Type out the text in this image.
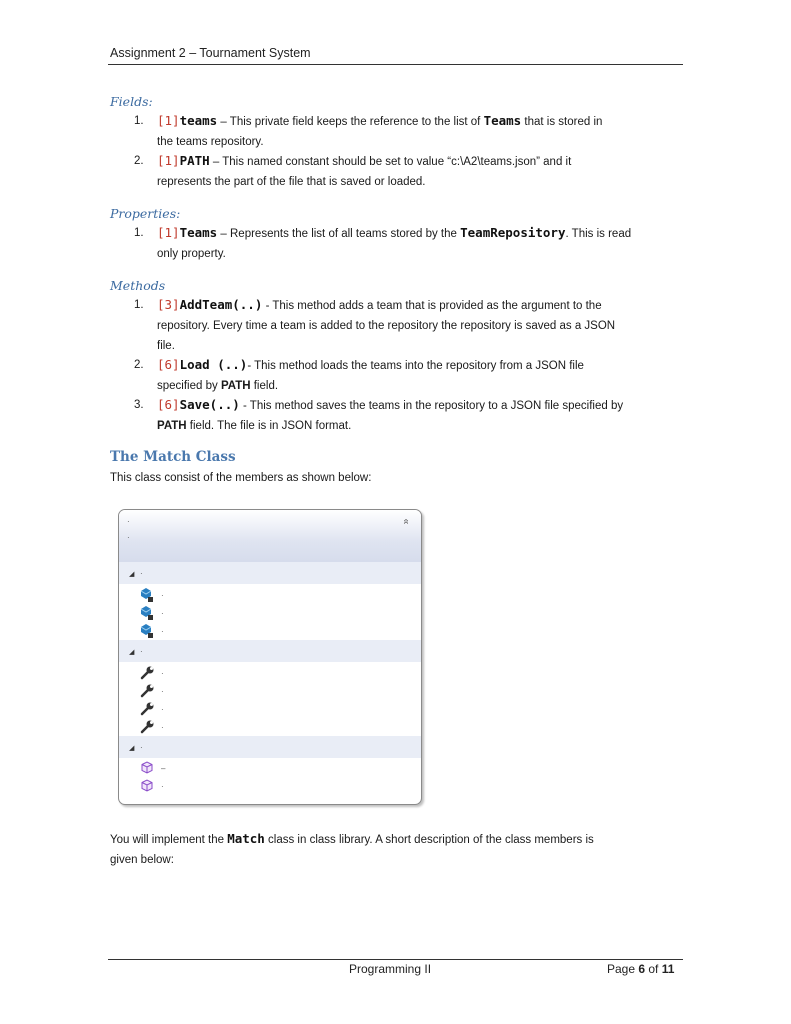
Assignment 2 – Tournament System
Fields:
1. [1]teams – This private field keeps the reference to the list of Teams that is stored in
the teams repository.
2. [1]PATH – This named constant should be set to value “c:\A2\teams.json” and it
represents the part of the file that is saved or loaded.
Properties:
1. [1]Teams – Represents the list of all teams stored by the TeamRepository. This is read
only property.
Methods
1. [3]AddTeam(..) - This method adds a team that is provided as the argument to the
repository. Every time a team is added to the repository the repository is saved as a JSON
file.
2. [6]Load (..)- This method loads the teams into the repository from a JSON file
specified by PATH field.
3. [6]Save(..) - This method saves the teams in the repository to a JSON file specified by
PATH field. The file is in JSON format.
The Match Class
This class consist of the members as shown below:
·
·
»
◢ ·
·
·
·
◢ ·
·
·
·
·
◢ ·
–
·
You will implement the Match class in class library. A short description of the class members is
given below:
Programming II	Page 6 of 11
